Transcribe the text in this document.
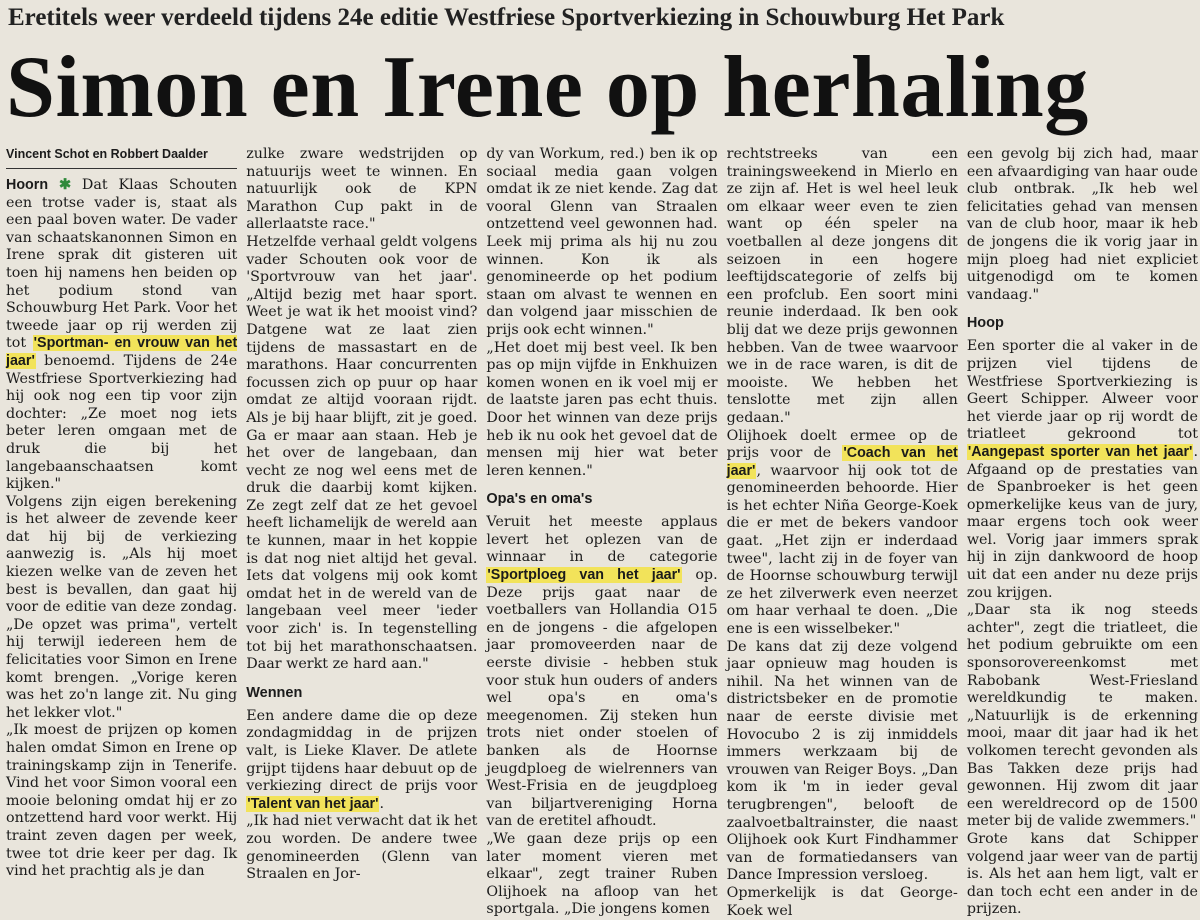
Eretitels weer verdeeld tijdens 24e editie Westfriese Sportverkiezing in Schouwburg Het Park
Simon en Irene op herhaling
Vincent Schot en Robbert Daalder

Hoorn ✱ Dat Klaas Schouten een trotse vader is, staat als een paal boven water. De vader van schaatskanonnen Simon en Irene sprak dit gisteren uit toen hij namens hen beiden op het podium stond van Schouwburg Het Park. Voor het tweede jaar op rij werden zij tot 'Sportman- en vrouw van het jaar' benoemd. Tijdens de 24e Westfriese Sportverkiezing had hij ook nog een tip voor zijn dochter: „Ze moet nog iets beter leren omgaan met de druk die bij het langebaanschaatsen komt kijken."

Volgens zijn eigen berekening is het alweer de zevende keer dat hij bij de verkiezing aanwezig is. „Als hij moet kiezen welke van de zeven het best is bevallen, dan gaat hij voor de editie van deze zondag. „De opzet was prima", vertelt hij terwijl iedereen hem de felicitaties voor Simon en Irene komt brengen. „Vorige keren was het zo'n lange zit. Nu ging het lekker vlot."

„Ik moest de prijzen op komen halen omdat Simon en Irene op trainingskamp zijn in Tenerife. Vind het voor Simon vooral een mooie beloning omdat hij er zo ontzettend hard voor werkt. Hij traint zeven dagen per week, twee tot drie keer per dag. Ik vind het prachtig als je dan

zulke zware wedstrijden op natuurijs weet te winnen. En natuurlijk ook de KPN Marathon Cup pakt in de allerlaatste race."

Hetzelfde verhaal geldt volgens vader Schouten ook voor de 'Sportvrouw van het jaar'. „Altijd bezig met haar sport. Weet je wat ik het mooist vind? Datgene wat ze laat zien tijdens de massastart en de marathons. Haar concurrenten focussen zich op puur op haar omdat ze altijd vooraan rijdt. Als je bij haar blijft, zit je goed. Ga er maar aan staan. Heb je het over de langebaan, dan vecht ze nog wel eens met de druk die daarbij komt kijken. Ze zegt zelf dat ze het gevoel heeft lichamelijk de wereld aan te kunnen, maar in het koppie is dat nog niet altijd het geval. Iets dat volgens mij ook komt omdat het in de wereld van de langebaan veel meer 'ieder voor zich' is. In tegenstelling tot bij het marathonschaatsen. Daar werkt ze hard aan."

Wennen

Een andere dame die op deze zondagmiddag in de prijzen valt, is Lieke Klaver. De atlete grijpt tijdens haar debuut op de verkiezing direct de prijs voor 'Talent van het jaar'.

„Ik had niet verwacht dat ik het zou worden. De andere twee genomineerden (Glenn van Straalen en Jor-

dy van Workum, red.) ben ik op sociaal media gaan volgen omdat ik ze niet kende. Zag dat vooral Glenn van Straalen ontzettend veel gewonnen had. Leek mij prima als hij nu zou winnen. Kon ik als genomineerde op het podium staan om alvast te wennen en dan volgend jaar misschien de prijs ook echt winnen."

„Het doet mij best veel. Ik ben pas op mijn vijfde in Enkhuizen komen wonen en ik voel mij er de laatste jaren pas echt thuis. Door het winnen van deze prijs heb ik nu ook het gevoel dat de mensen mij hier wat beter leren kennen."

Opa's en oma's

Veruit het meeste applaus levert het oplezen van de winnaar in de categorie 'Sportploeg van het jaar' op. Deze prijs gaat naar de voetballers van Hollandia O15 en de jongens - die afgelopen jaar promoveerden naar de eerste divisie - hebben stuk voor stuk hun ouders of anders wel opa's en oma's meegenomen. Zij steken hun trots niet onder stoelen of banken als de Hoornse jeugdploeg de wielrenners van West-Frisia en de jeugdploeg van biljartvereniging Horna van de eretitel afhoudt.

„We gaan deze prijs op een later moment vieren met elkaar", zegt trainer Ruben Olijhoek na afloop van het sportgala. „Die jongens komen

rechtstreeks van een trainingsweekend in Mierlo en ze zijn af. Het is wel heel leuk om elkaar weer even te zien want op één speler na voetballen al deze jongens dit seizoen in een hogere leeftijdscategorie of zelfs bij een profclub. Een soort mini reunie inderdaad. Ik ben ook blij dat we deze prijs gewonnen hebben. Van de twee waarvoor we in de race waren, is dit de mooiste. We hebben het tenslotte met zijn allen gedaan."

Olijhoek doelt ermee op de prijs voor de 'Coach van het jaar', waarvoor hij ook tot de genomineerden behoorde. Hier is het echter Niña George-Koek die er met de bekers vandoor gaat. „Het zijn er inderdaad twee", lacht zij in de foyer van de Hoornse schouwburg terwijl ze het zilverwerk even neerzet om haar verhaal te doen. „Die ene is een wisselbeker."

De kans dat zij deze volgend jaar opnieuw mag houden is nihil. Na het winnen van de districtsbeker en de promotie naar de eerste divisie met Hovocubo 2 is zij inmiddels immers werkzaam bij de vrouwen van Reiger Boys. „Dan kom ik 'm in ieder geval terugbrengen", belooft de zaalvoetbaltrainster, die naast Olijhoek ook Kurt Findhammer van de formatiedansers van Dance Impression versloeg.

Opmerkelijk is dat George-Koek wel

een gevolg bij zich had, maar een afvaardiging van haar oude club ontbrak. „Ik heb wel felicitaties gehad van mensen van de club hoor, maar ik heb de jongens die ik vorig jaar in mijn ploeg had niet expliciet uitgenodigd om te komen vandaag."

Hoop

Een sporter die al vaker in de prijzen viel tijdens de Westfriese Sportverkiezing is Geert Schipper. Alweer voor het vierde jaar op rij wordt de triatleet gekroond tot 'Aangepast sporter van het jaar'. Afgaand op de prestaties van de Spanbroeker is het geen opmerkelijke keus van de jury, maar ergens toch ook weer wel. Vorig jaar immers sprak hij in zijn dankwoord de hoop uit dat een ander nu deze prijs zou krijgen.

„Daar sta ik nog steeds achter", zegt die triatleet, die het podium gebruikte om een sponsorovereenkomst met Rabobank West-Friesland wereldkundig te maken. „Natuurlijk is de erkenning mooi, maar dit jaar had ik het volkomen terecht gevonden als Bas Takken deze prijs had gewonnen. Hij zwom dit jaar een wereldrecord op de 1500 meter bij de valide zwemmers."

Grote kans dat Schipper volgend jaar weer van de partij is. Als het aan hem ligt, valt er dan toch echt een ander in de prijzen.
